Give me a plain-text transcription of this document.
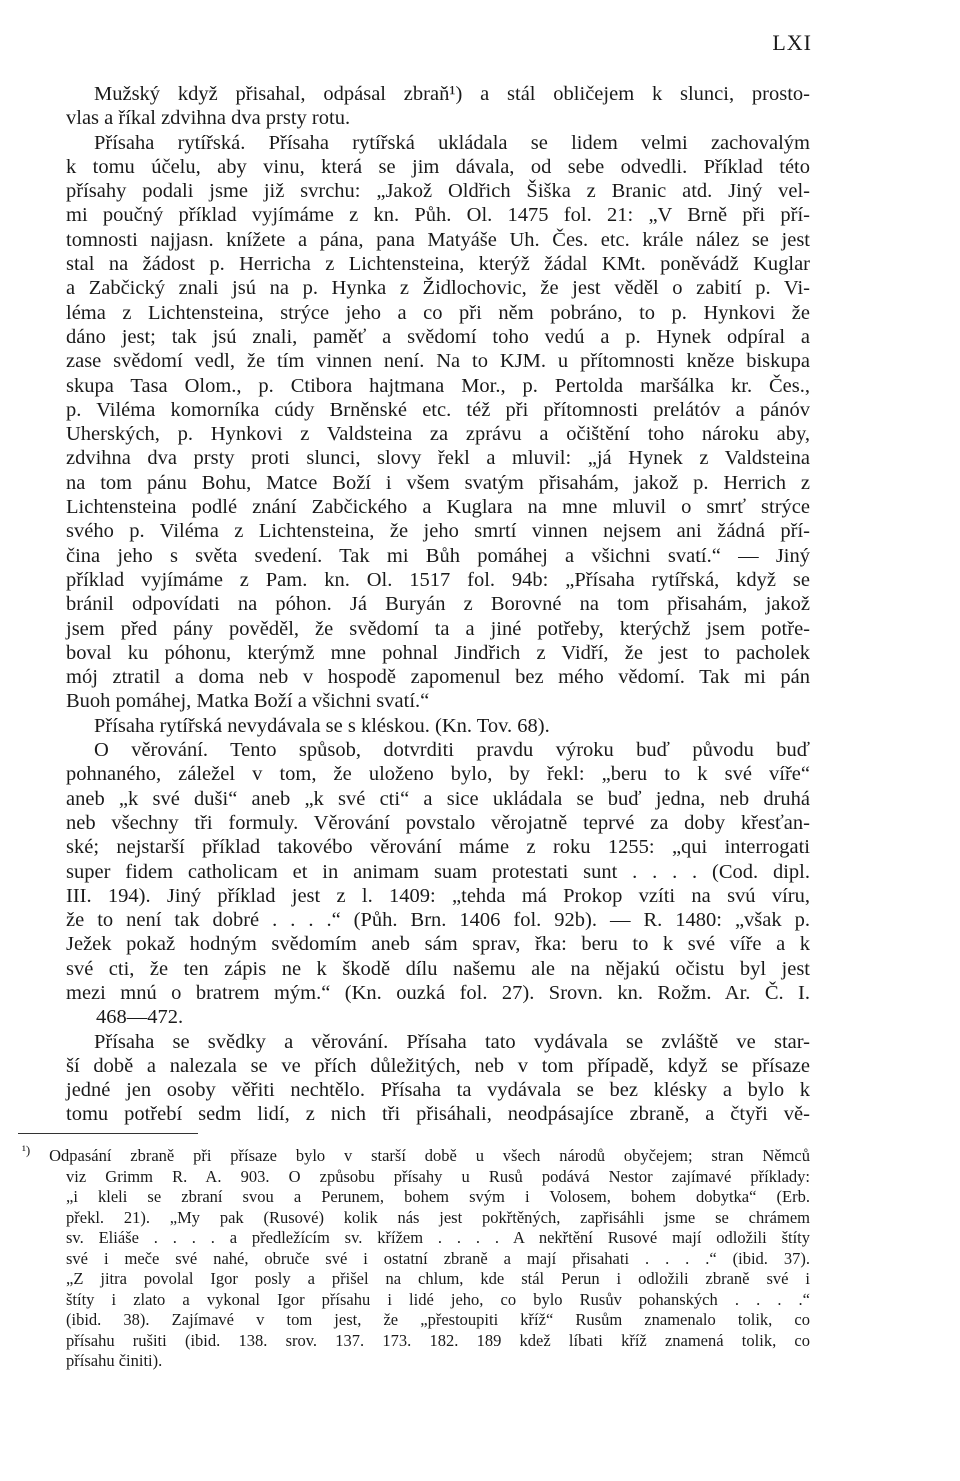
LXI
Mužský když přisahal, odpásal zbraň¹) a stál obličejem k slunci, prosto-
vlas a říkal zdvihna dva prsty rotu.
Přísaha rytířská. Přísaha rytířská ukládala se lidem velmi zachovalým
k tomu účelu, aby vinu, která se jim dávala, od sebe odvedli. Příklad této
přísahy podali jsme již svrchu: „Jakož Oldřich Šiška z Branic atd. Jiný vel-
mi poučný příklad vyjímáme z kn. Půh. Ol. 1475 fol. 21: „V Brně při pří-
tomnosti najjasn. knížete a pána, pana Matyáše Uh. Čes. etc. krále nález se jest
stal na žádost p. Herricha z Lichtensteina, kterýž žádal KMt. poněvádž Kuglar
a Zabčický znali jsú na p. Hynka z Židlochovic, že jest věděl o zabití p. Vi-
léma z Lichtensteina, strýce jeho a co při něm pobráno, to p. Hynkovi že
dáno jest; tak jsú znali, paměť a svědomí toho vedú a p. Hynek odpíral a
zase svědomí vedl, že tím vinnen není. Na to KJM. u přítomnosti kněze biskupa
skupa Tasa Olom., p. Ctibora hajtmana Mor., p. Pertolda maršálka kr. Čes.,
p. Viléma komorníka cúdy Brněnské etc. též při přítomnosti prelátóv a pánóv
Uherských, p. Hynkovi z Valdsteina za zprávu a očištění toho nároku aby,
zdvihna dva prsty proti slunci, slovy řekl a mluvil: „já Hynek z Valdsteina
na tom pánu Bohu, Matce Boží i všem svatým přisahám, jakož p. Herrich z
Lichtensteina podlé znání Zabčického a Kuglara na mne mluvil o smrť strýce
svého p. Viléma z Lichtensteina, že jeho smrtí vinnen nejsem ani žádná pří-
čina jeho s světa svedení. Tak mi Bůh pomáhej a všichni svatí.“ — Jiný
příklad vyjímáme z Pam. kn. Ol. 1517 fol. 94b: „Přísaha rytířská, když se
bránil odpovídati na póhon. Já Buryán z Borovné na tom přisahám, jakož
jsem před pány pověděl, že svědomí ta a jiné potřeby, kterýchž jsem potře-
boval ku póhonu, kterýmž mne pohnal Jindřich z Vidří, že jest to pacholek
mój ztratil a doma neb v hospodě zapomenul bez mého vědomí. Tak mi pán
Buoh pomáhej, Matka Boží a všichni svatí.“
Přísaha rytířská nevydávala se s kléskou. (Kn. Tov. 68).
O věrování. Tento spůsob, dotvrditi pravdu výroku buď původu buď
pohnaného, záležel v tom, že uloženo bylo, by řekl: „beru to k své víře“
aneb „k své duši“ aneb „k své cti“ a sice ukládala se buď jedna, neb druhá
neb všechny tři formuly. Věrování povstalo věrojatně teprvé za doby křesťan-
ské; nejstarší příklad takovébo věrování máme z roku 1255: „qui interrogati
super fidem catholicam et in animam suam protestati sunt . . . . (Cod. dipl.
III. 194). Jiný příklad jest z l. 1409: „tehda má Prokop vzíti na svú víru,
že to není tak dobré . . . .“ (Půh. Brn. 1406 fol. 92b). — R. 1480: „však p.
Ježek pokaž hodným svědomím aneb sám sprav, řka: beru to k své víře a k
své cti, že ten zápis ne k škodě dílu našemu ale na nějakú očistu byl jest
mezi mnú o bratrem mým.“ (Kn. ouzká fol. 27). Srovn. kn. Rožm. Ar. Č. I.
468—472.
Přísaha se svědky a věrování. Přísaha tato vydávala se zvláště ve star-
ší době a nalezala se ve přích důležitých, neb v tom případě, když se přísaze
jedné jen osoby věřiti nechtělo. Přísaha ta vydávala se bez klésky a bylo k
tomu potřebí sedm lidí, z nich tři přisáhali, neodpásajíce zbraně, a čtyři vě-
$^{^1)}$ Odpasání zbraně při přísaze bylo v starší době u všech národů obyčejem; stran Němců
viz Grimm R. A. 903. O způsobu přísahy u Rusů podává Nestor zajímavé příklady:
„i kleli se zbraní svou a Perunem, bohem svým i Volosem, bohem dobytka“ (Erb.
překl. 21). „My pak (Rusové) kolik nás jest pokřtěných, zapřisáhli jsme se chrámem
sv. Eliáše . . . . a předležícím sv. křížem . . . . A nekřtění Rusové mají odložili štíty
své i meče své nahé, obruče své i ostatní zbraně a mají přisahati . . . .“ (ibid. 37).
„Z jitra povolal Igor posly a přišel na chlum, kde stál Perun i odložili zbraně své i
štíty i zlato a vykonal Igor přísahu i lidé jeho, co bylo Rusův pohanských . . . .“
(ibid. 38). Zajímavé v tom jest, že „přestoupiti kříž“ Rusům znamenalo tolik, co
přísahu rušiti (ibid. 138. srov. 137. 173. 182. 189 kdež líbati kříž znamená tolik, co
přísahu činiti).
